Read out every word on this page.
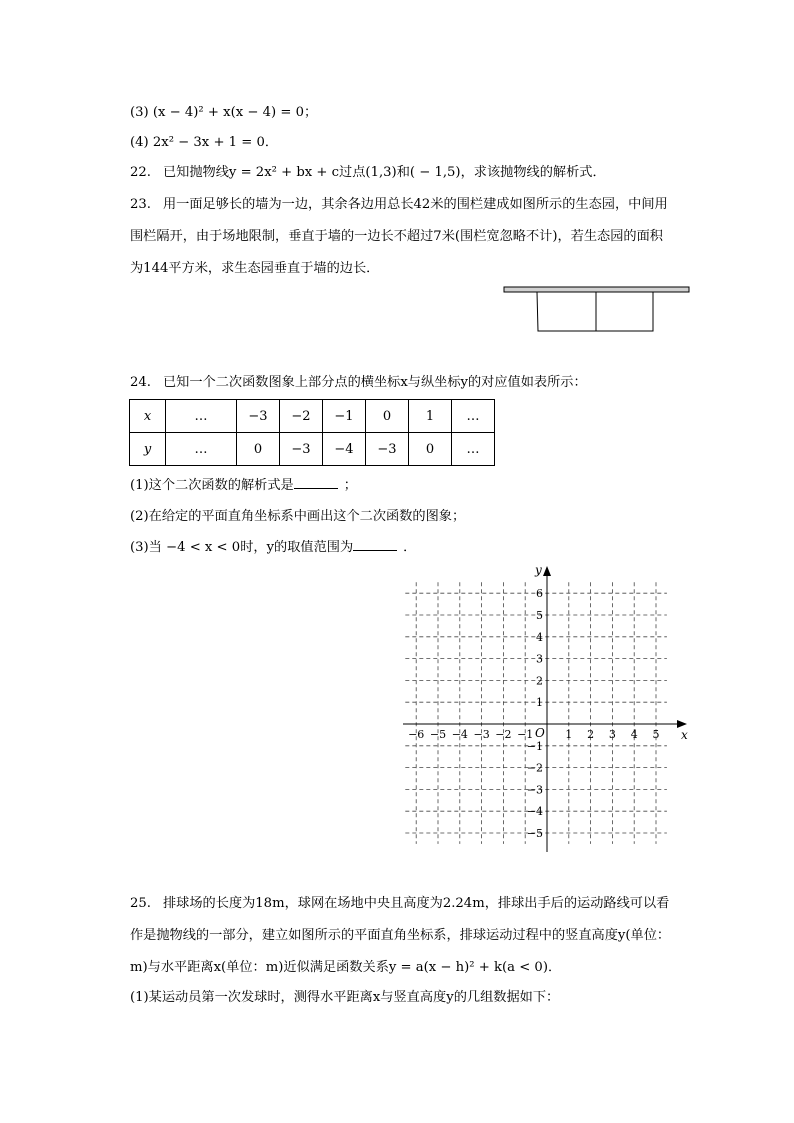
(3) (x − 4)² + x(x − 4) = 0；
(4) 2x² − 3x + 1 = 0．
22. 已知抛物线y = 2x² + bx + c过点(1,3)和( − 1,5)，求该抛物线的解析式．
23. 用一面足够长的墙为一边，其余各边用总长42米的围栏建成如图所示的生态园，中间用
围栏隔开，由于场地限制，垂直于墙的一边长不超过7米(围栏宽忽略不计)，若生态园的面积
为144平方米，求生态园垂直于墙的边长．
24. 已知一个二次函数图象上部分点的横坐标x与纵坐标y的对应值如表所示：
x	…	−3	−2	−1	0	1	…
y	…	0	−3	−4	−3	0	…
(1)这个二次函数的解析式是	；
(2)在给定的平面直角坐标系中画出这个二次函数的图象；
(3)当 −4 < x < 0时，y的取值范围为	．
x
y
O
−6 −5 −4 −3 −2 −1	1 2 3 4 5
6
5
4
3
2
1
−1
−2
−3
−4
−5
25. 排球场的长度为18m，球网在场地中央且高度为2.24m，排球出手后的运动路线可以看
作是抛物线的一部分，建立如图所示的平面直角坐标系，排球运动过程中的竖直高度y(单位：
m)与水平距离x(单位：m)近似满足函数关系y = a(x − h)² + k(a < 0)．
(1)某运动员第一次发球时，测得水平距离x与竖直高度y的几组数据如下：
